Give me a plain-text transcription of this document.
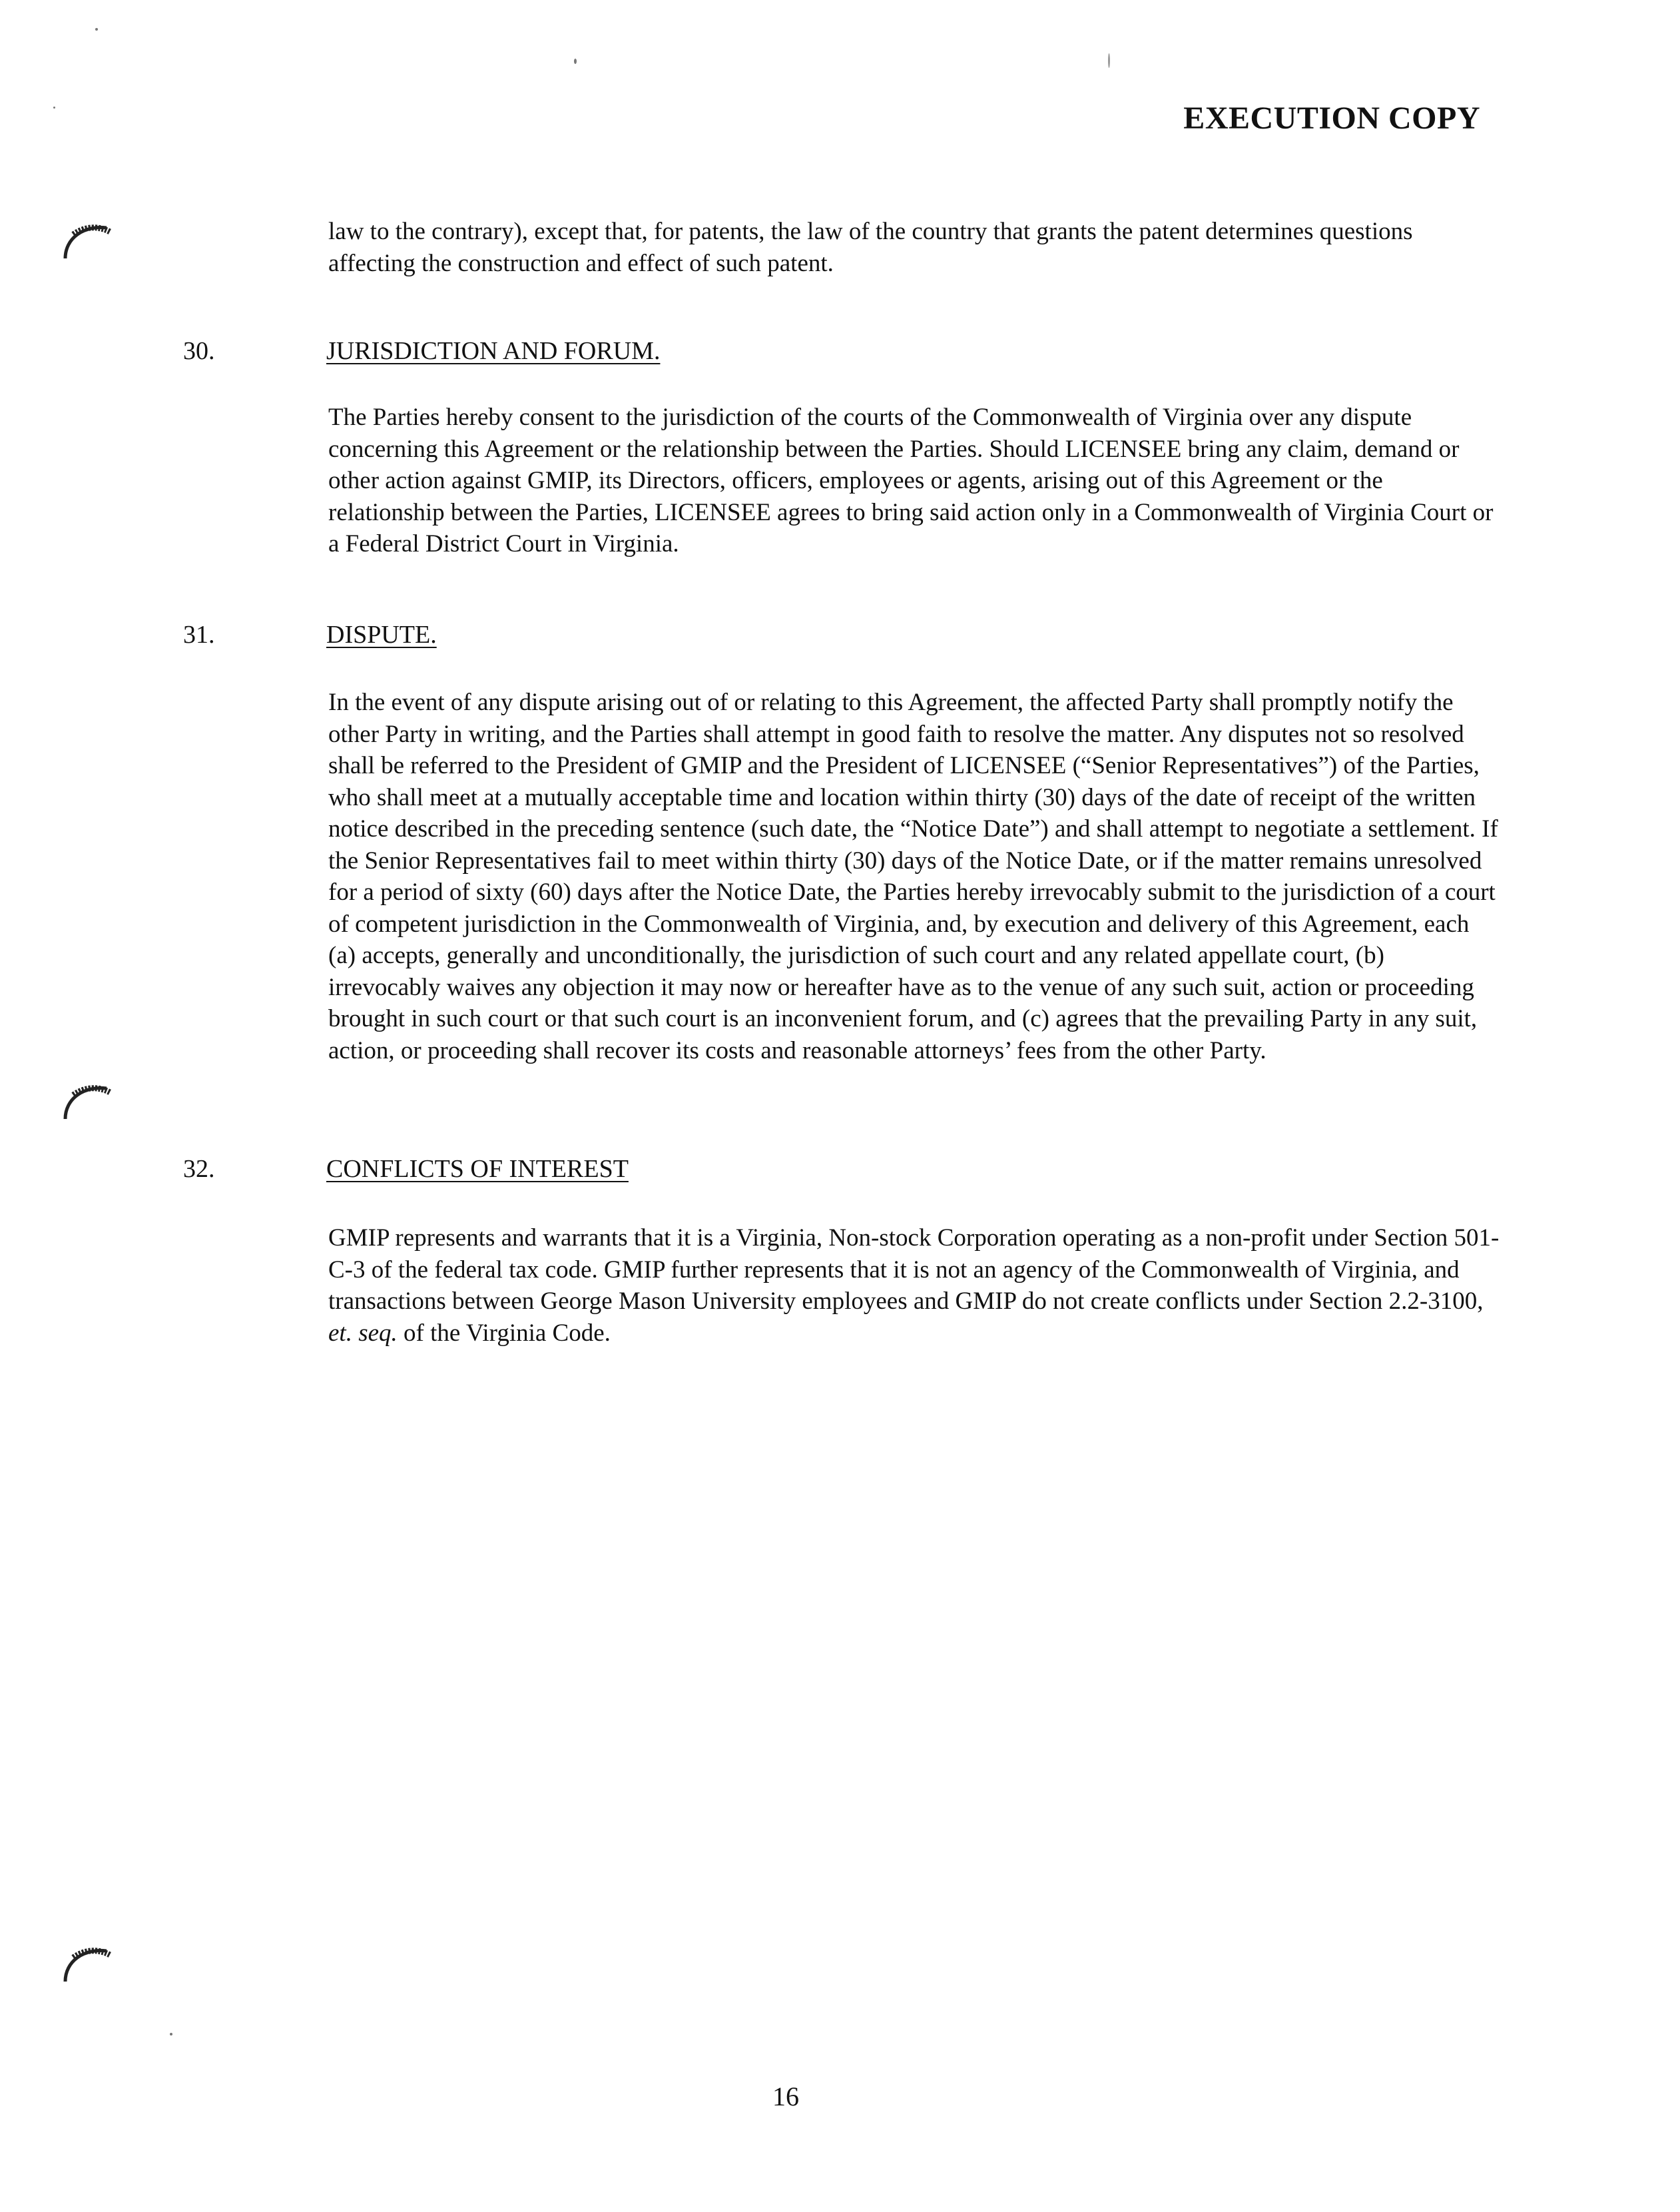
EXECUTION COPY

law to the contrary), except that, for patents, the law of the country that grants the patent determines questions affecting the construction and effect of such patent.

30.	JURISDICTION AND FORUM.

The Parties hereby consent to the jurisdiction of the courts of the Commonwealth of Virginia over any dispute concerning this Agreement or the relationship between the Parties. Should LICENSEE bring any claim, demand or other action against GMIP, its Directors, officers, employees or agents, arising out of this Agreement or the relationship between the Parties, LICENSEE agrees to bring said action only in a Commonwealth of Virginia Court or a Federal District Court in Virginia.

31.	DISPUTE.

In the event of any dispute arising out of or relating to this Agreement, the affected Party shall promptly notify the other Party in writing, and the Parties shall attempt in good faith to resolve the matter. Any disputes not so resolved shall be referred to the President of GMIP and the President of LICENSEE (“Senior Representatives”) of the Parties, who shall meet at a mutually acceptable time and location within thirty (30) days of the date of receipt of the written notice described in the preceding sentence (such date, the “Notice Date”) and shall attempt to negotiate a settlement. If the Senior Representatives fail to meet within thirty (30) days of the Notice Date, or if the matter remains unresolved for a period of sixty (60) days after the Notice Date, the Parties hereby irrevocably submit to the jurisdiction of a court of competent jurisdiction in the Commonwealth of Virginia, and, by execution and delivery of this Agreement, each (a) accepts, generally and unconditionally, the jurisdiction of such court and any related appellate court, (b) irrevocably waives any objection it may now or hereafter have as to the venue of any such suit, action or proceeding brought in such court or that such court is an inconvenient forum, and (c) agrees that the prevailing Party in any suit, action, or proceeding shall recover its costs and reasonable attorneys’ fees from the other Party.

32.	CONFLICTS OF INTEREST

GMIP represents and warrants that it is a Virginia, Non-stock Corporation operating as a non-profit under Section 501-C-3 of the federal tax code. GMIP further represents that it is not an agency of the Commonwealth of Virginia, and transactions between George Mason University employees and GMIP do not create conflicts under Section 2.2-3100, et. seq. of the Virginia Code.

16
